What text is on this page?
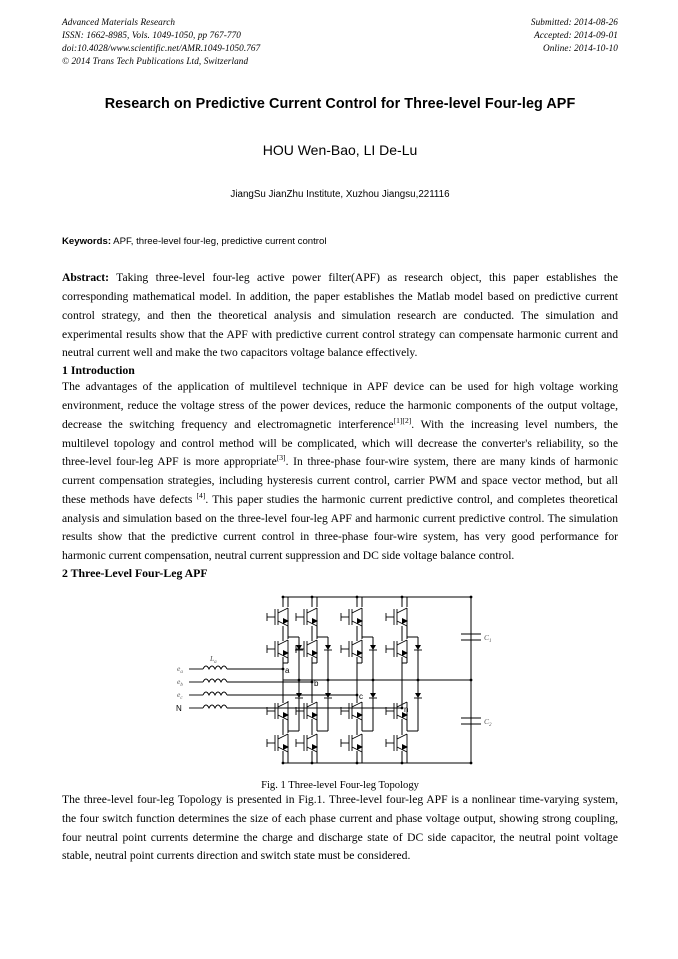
Advanced Materials Research
ISSN: 1662-8985, Vols. 1049-1050, pp 767-770
doi:10.4028/www.scientific.net/AMR.1049-1050.767
© 2014 Trans Tech Publications Ltd, Switzerland
Submitted: 2014-08-26
Accepted: 2014-09-01
Online: 2014-10-10
Research on Predictive Current Control for Three-level Four-leg APF
HOU Wen-Bao, LI De-Lu
JiangSu JianZhu Institute, Xuzhou Jiangsu,221116
Keywords: APF, three-level four-leg, predictive current control
Abstract: Taking three-level four-leg active power filter(APF) as research object, this paper establishes the corresponding mathematical model. In addition, the paper establishes the Matlab model based on predictive current control strategy, and then the theoretical analysis and simulation research are conducted. The simulation and experimental results show that the APF with predictive current control strategy can compensate harmonic current and neutral current well and make the two capacitors voltage balance effectively.
1 Introduction

The advantages of the application of multilevel technique in APF device can be used for high voltage working environment, reduce the voltage stress of the power devices, reduce the harmonic components of the output voltage, decrease the switching frequency and electromagnetic interference[1][2]. With the increasing level numbers, the multilevel topology and control method will be complicated, which will decrease the converter's reliability, so the three-level four-leg APF is more appropriate[3]. In three-phase four-wire system, there are many kinds of harmonic current compensation strategies, including hysteresis current control, carrier PWM and space vector method, but all these methods have defects [4]. This paper studies the harmonic current predictive control, and completes theoretical analysis and simulation based on the three-level four-leg APF and harmonic current predictive control. The simulation results show that the predictive current control in three-phase four-wire system, has very good performance for harmonic current compensation, neutral current suppression and DC side voltage balance control.

2 Three-Level Four-Leg APF
$C_1$
$C_2$
$e_a$
$e_b$
$e_c$
N
$L_a$
a
b
c
n
Fig. 1 Three-level Four-leg Topology

The three-level four-leg Topology is presented in Fig.1. Three-level four-leg APF is a nonlinear time-varying system, the four switch function determines the size of each phase current and phase voltage output, showing strong coupling, four neutral point currents determine the charge and discharge state of DC side capacitor, the neutral point voltage stable, neutral point currents direction and switch state must be considered.
